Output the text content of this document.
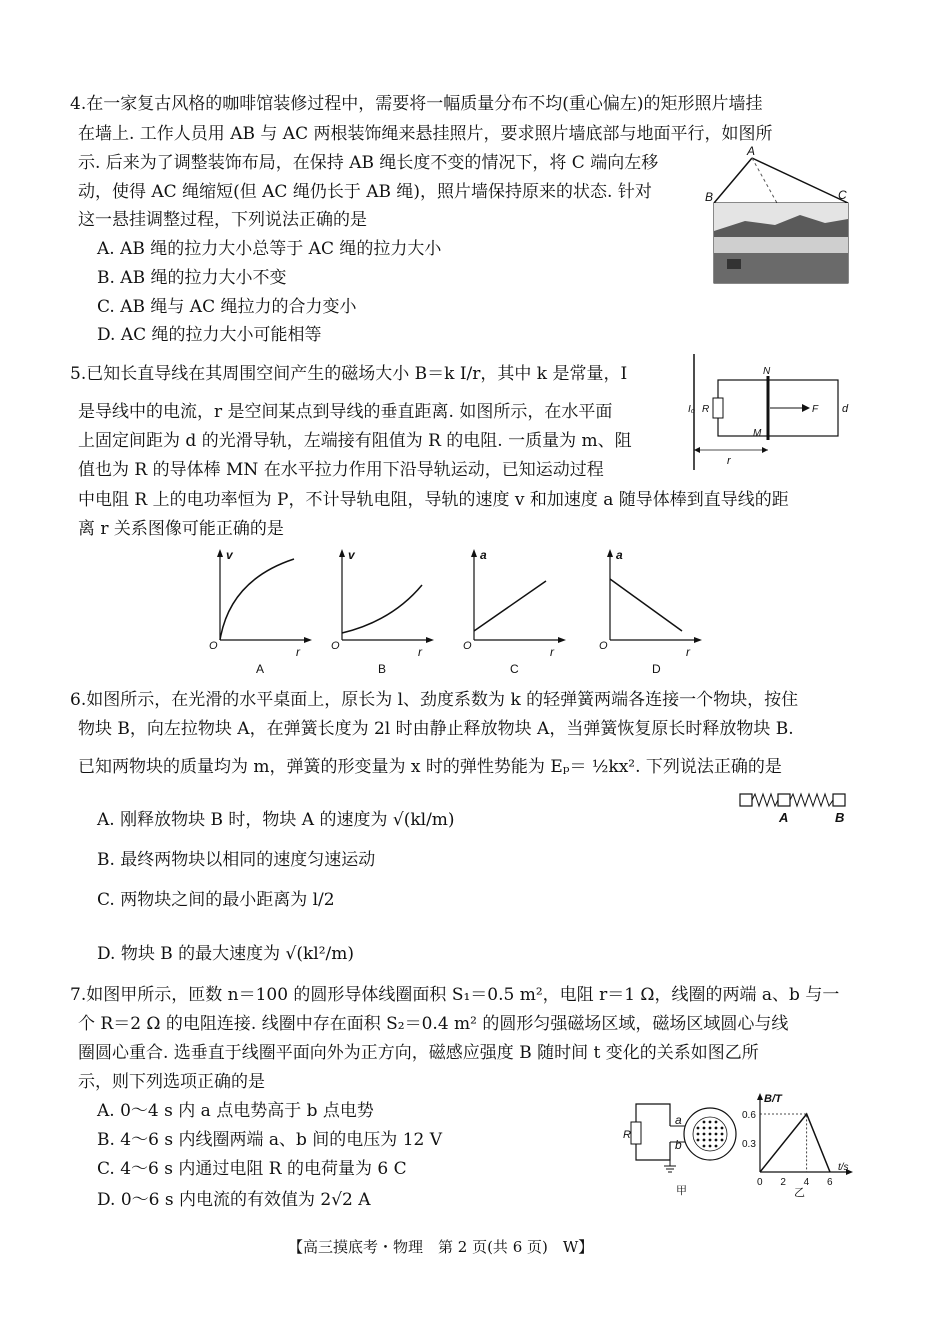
4.在一家复古风格的咖啡馆装修过程中，需要将一幅质量分布不均(重心偏左)的矩形照片墙挂
在墙上. 工作人员用 AB 与 AC 两根装饰绳来悬挂照片，要求照片墙底部与地面平行，如图所
示. 后来为了调整装饰布局，在保持 AB 绳长度不变的情况下，将 C 端向左移
动，使得 AC 绳缩短(但 AC 绳仍长于 AB 绳)，照片墙保持原来的状态. 针对
这一悬挂调整过程，下列说法正确的是
A. AB 绳的拉力大小总等于 AC 绳的拉力大小
B. AB 绳的拉力大小不变
C. AB 绳与 AC 绳拉力的合力变小
D. AC 绳的拉力大小可能相等
A
B	C
5.已知长直导线在其周围空间产生的磁场大小 B＝k I/r，其中 k 是常量，I
是导线中的电流，r 是空间某点到导线的垂直距离. 如图所示，在水平面
上固定间距为 d 的光滑导轨，左端接有阻值为 R 的电阻. 一质量为 m、阻
值也为 R 的导体棒 MN 在水平拉力作用下沿导轨运动，已知运动过程
中电阻 R 上的电功率恒为 P，不计导轨电阻，导轨的速度 v 和加速度 a 随导体棒到直导线的距
离 r 关系图像可能正确的是
I₀ R
N
M
F d
r
v
O	r
A
v
O	r
B
a
O	r
C
a
O	r
D
6.如图所示，在光滑的水平桌面上，原长为 l、劲度系数为 k 的轻弹簧两端各连接一个物块，按住
物块 B，向左拉物块 A，在弹簧长度为 2l 时由静止释放物块 A，当弹簧恢复原长时释放物块 B.
已知两物块的质量均为 m，弹簧的形变量为 x 时的弹性势能为 Eₚ＝ ½kx². 下列说法正确的是
A. 刚释放物块 B 时，物块 A 的速度为 √(kl/m)
B. 最终两物块以相同的速度匀速运动
C. 两物块之间的最小距离为 l/2
D. 物块 B 的最大速度为 √(kl²/m)
A	B
7.如图甲所示，匝数 n＝100 的圆形导体线圈面积 S₁＝0.5 m²，电阻 r＝1 Ω，线圈的两端 a、b 与一
个 R＝2 Ω 的电阻连接. 线圈中存在面积 S₂＝0.4 m² 的圆形匀强磁场区域，磁场区域圆心与线
圈圆心重合. 选垂直于线圈平面向外为正方向，磁感应强度 B 随时间 t 变化的关系如图乙所
示，则下列选项正确的是
A. 0～4 s 内 a 点电势高于 b 点电势
B. 4～6 s 内线圈两端 a、b 间的电压为 12 V
C. 4～6 s 内通过电阻 R 的电荷量为 6 C
D. 0～6 s 内电流的有效值为 2√2 A
R
a
b
甲
0.6
0.3
0 2 4 6
B/T
t/s
乙
【高三摸底考・物理　第 2 页(共 6 页)　W】
